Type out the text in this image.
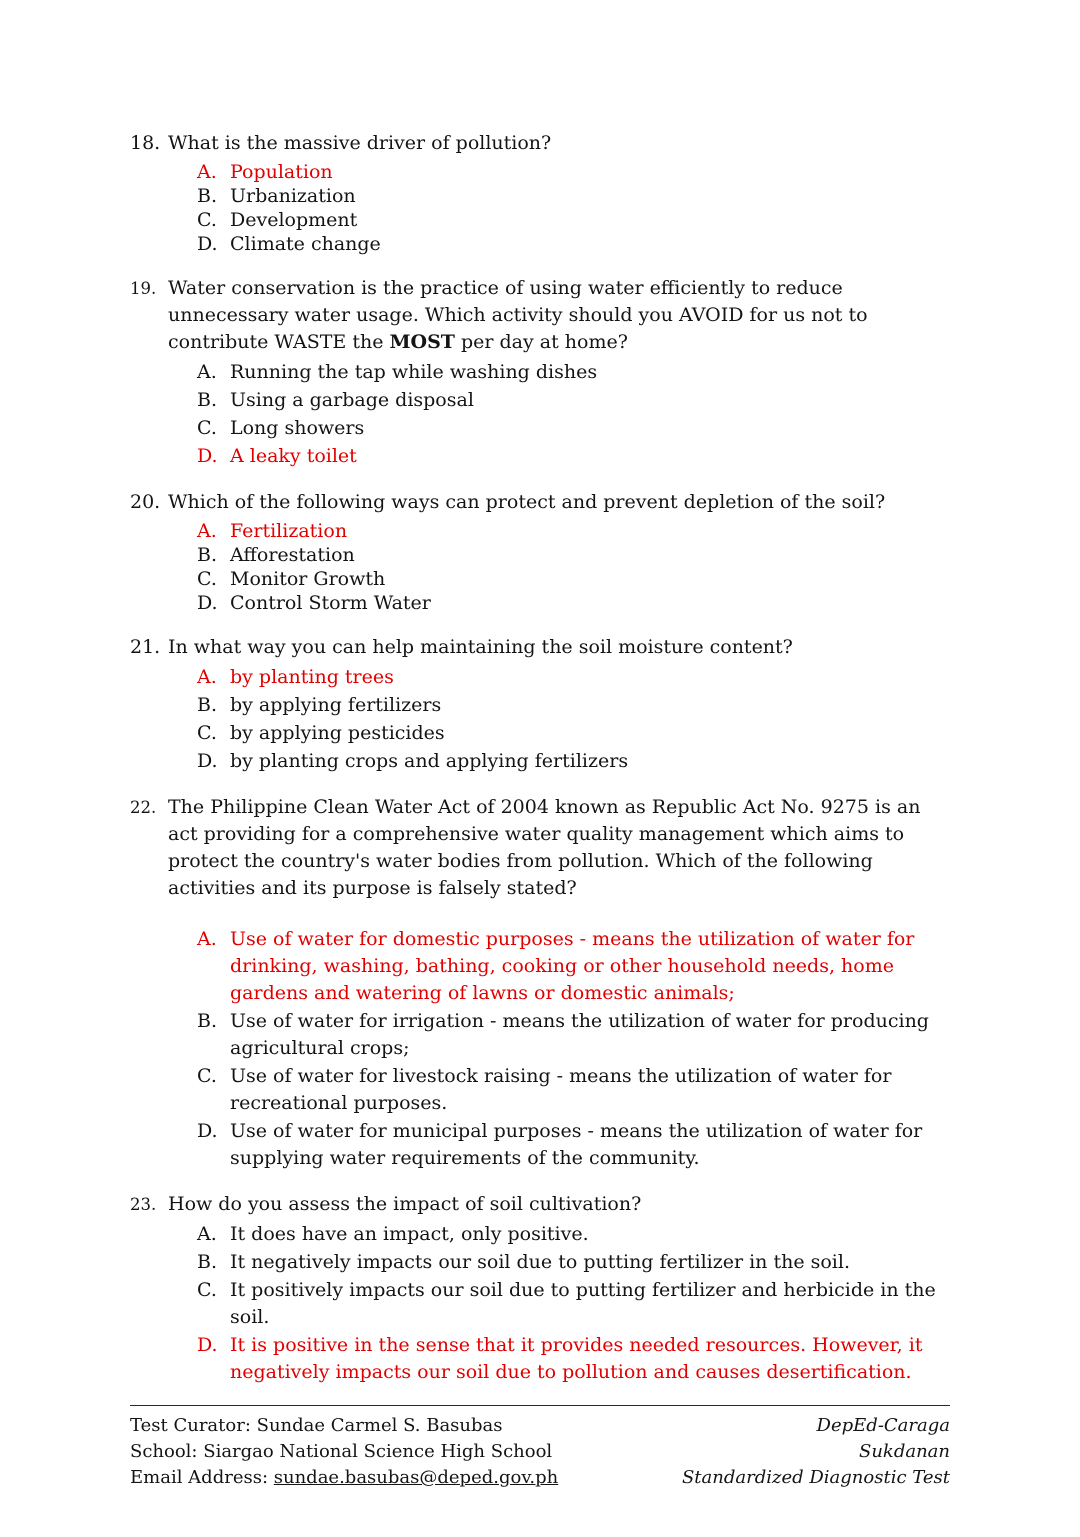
18. What is the massive driver of pollution?
A. Population
B. Urbanization
C. Development
D. Climate change
19. Water conservation is the practice of using water efficiently to reduce unnecessary water usage. Which activity should you AVOID for us not to contribute WASTE the MOST per day at home?
A. Running the tap while washing dishes
B. Using a garbage disposal
C. Long showers
D. A leaky toilet
20. Which of the following ways can protect and prevent depletion of the soil?
A. Fertilization
B. Afforestation
C. Monitor Growth
D. Control Storm Water
21. In what way you can help maintaining the soil moisture content?
A. by planting trees
B. by applying fertilizers
C. by applying pesticides
D. by planting crops and applying fertilizers
22. The Philippine Clean Water Act of 2004 known as Republic Act No. 9275 is an act providing for a comprehensive water quality management which aims to protect the country's water bodies from pollution. Which of the following activities and its purpose is falsely stated?
A. Use of water for domestic purposes - means the utilization of water for drinking, washing, bathing, cooking or other household needs, home gardens and watering of lawns or domestic animals;
B. Use of water for irrigation - means the utilization of water for producing agricultural crops;
C. Use of water for livestock raising - means the utilization of water for recreational purposes.
D. Use of water for municipal purposes - means the utilization of water for supplying water requirements of the community.
23. How do you assess the impact of soil cultivation?
A. It does have an impact, only positive.
B. It negatively impacts our soil due to putting fertilizer in the soil.
C. It positively impacts our soil due to putting fertilizer and herbicide in the soil.
D. It is positive in the sense that it provides needed resources. However, it negatively impacts our soil due to pollution and causes desertification.
Test Curator: Sundae Carmel S. Basubas
School: Siargao National Science High School
Email Address: sundae.basubas@deped.gov.ph
DepEd-Caraga
Sukdanan
Standardized Diagnostic Test
